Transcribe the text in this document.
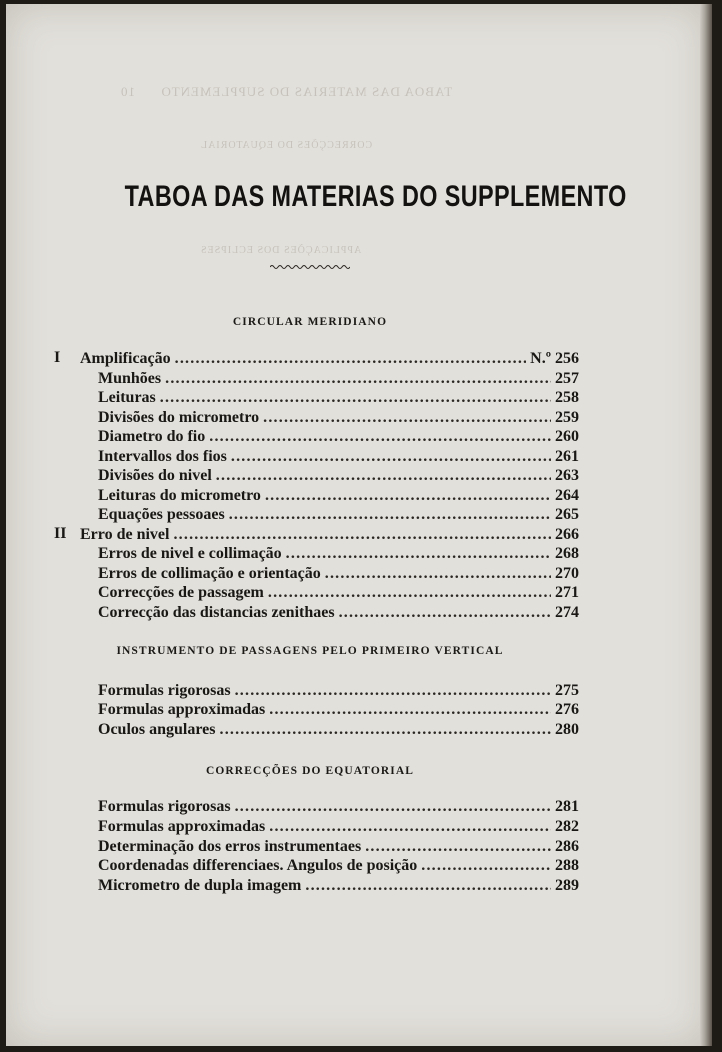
TABOA DAS MATERIAS DO SUPPLEMENTO      10
CORRECÇÕES DO EQUATORIAL
APPLICAÇÕES DOS ECLIPSES
TABOA DAS MATERIAS DO SUPPLEMENTO
CIRCULAR MERIDIANO
I Amplificação . . .	N.º 256
Munhões . . .	257
Leituras . . .	258
Divisões do micrometro . . .	259
Diametro do fio . . .	260
Intervallos dos fios . . .	261
Divisões do nivel . . .	263
Leituras do micrometro . . .	264
Equações pessoaes . . .	265
II Erro de nivel . . .	266
Erros de nivel e collimação . . .	268
Erros de collimação e orientação . . .	270
Correcções de passagem . . .	271
Correcção das distancias zenithaes . . .	274
INSTRUMENTO DE PASSAGENS PELO PRIMEIRO VERTICAL
Formulas rigorosas . . .	275
Formulas approximadas . . .	276
Oculos angulares . . .	280
CORRECÇÕES DO EQUATORIAL
Formulas rigorosas . . .	281
Formulas approximadas . . .	282
Determinação dos erros instrumentaes . . .	286
Coordenadas differenciaes. Angulos de posição . . .	288
Micrometro de dupla imagem . . .	289
